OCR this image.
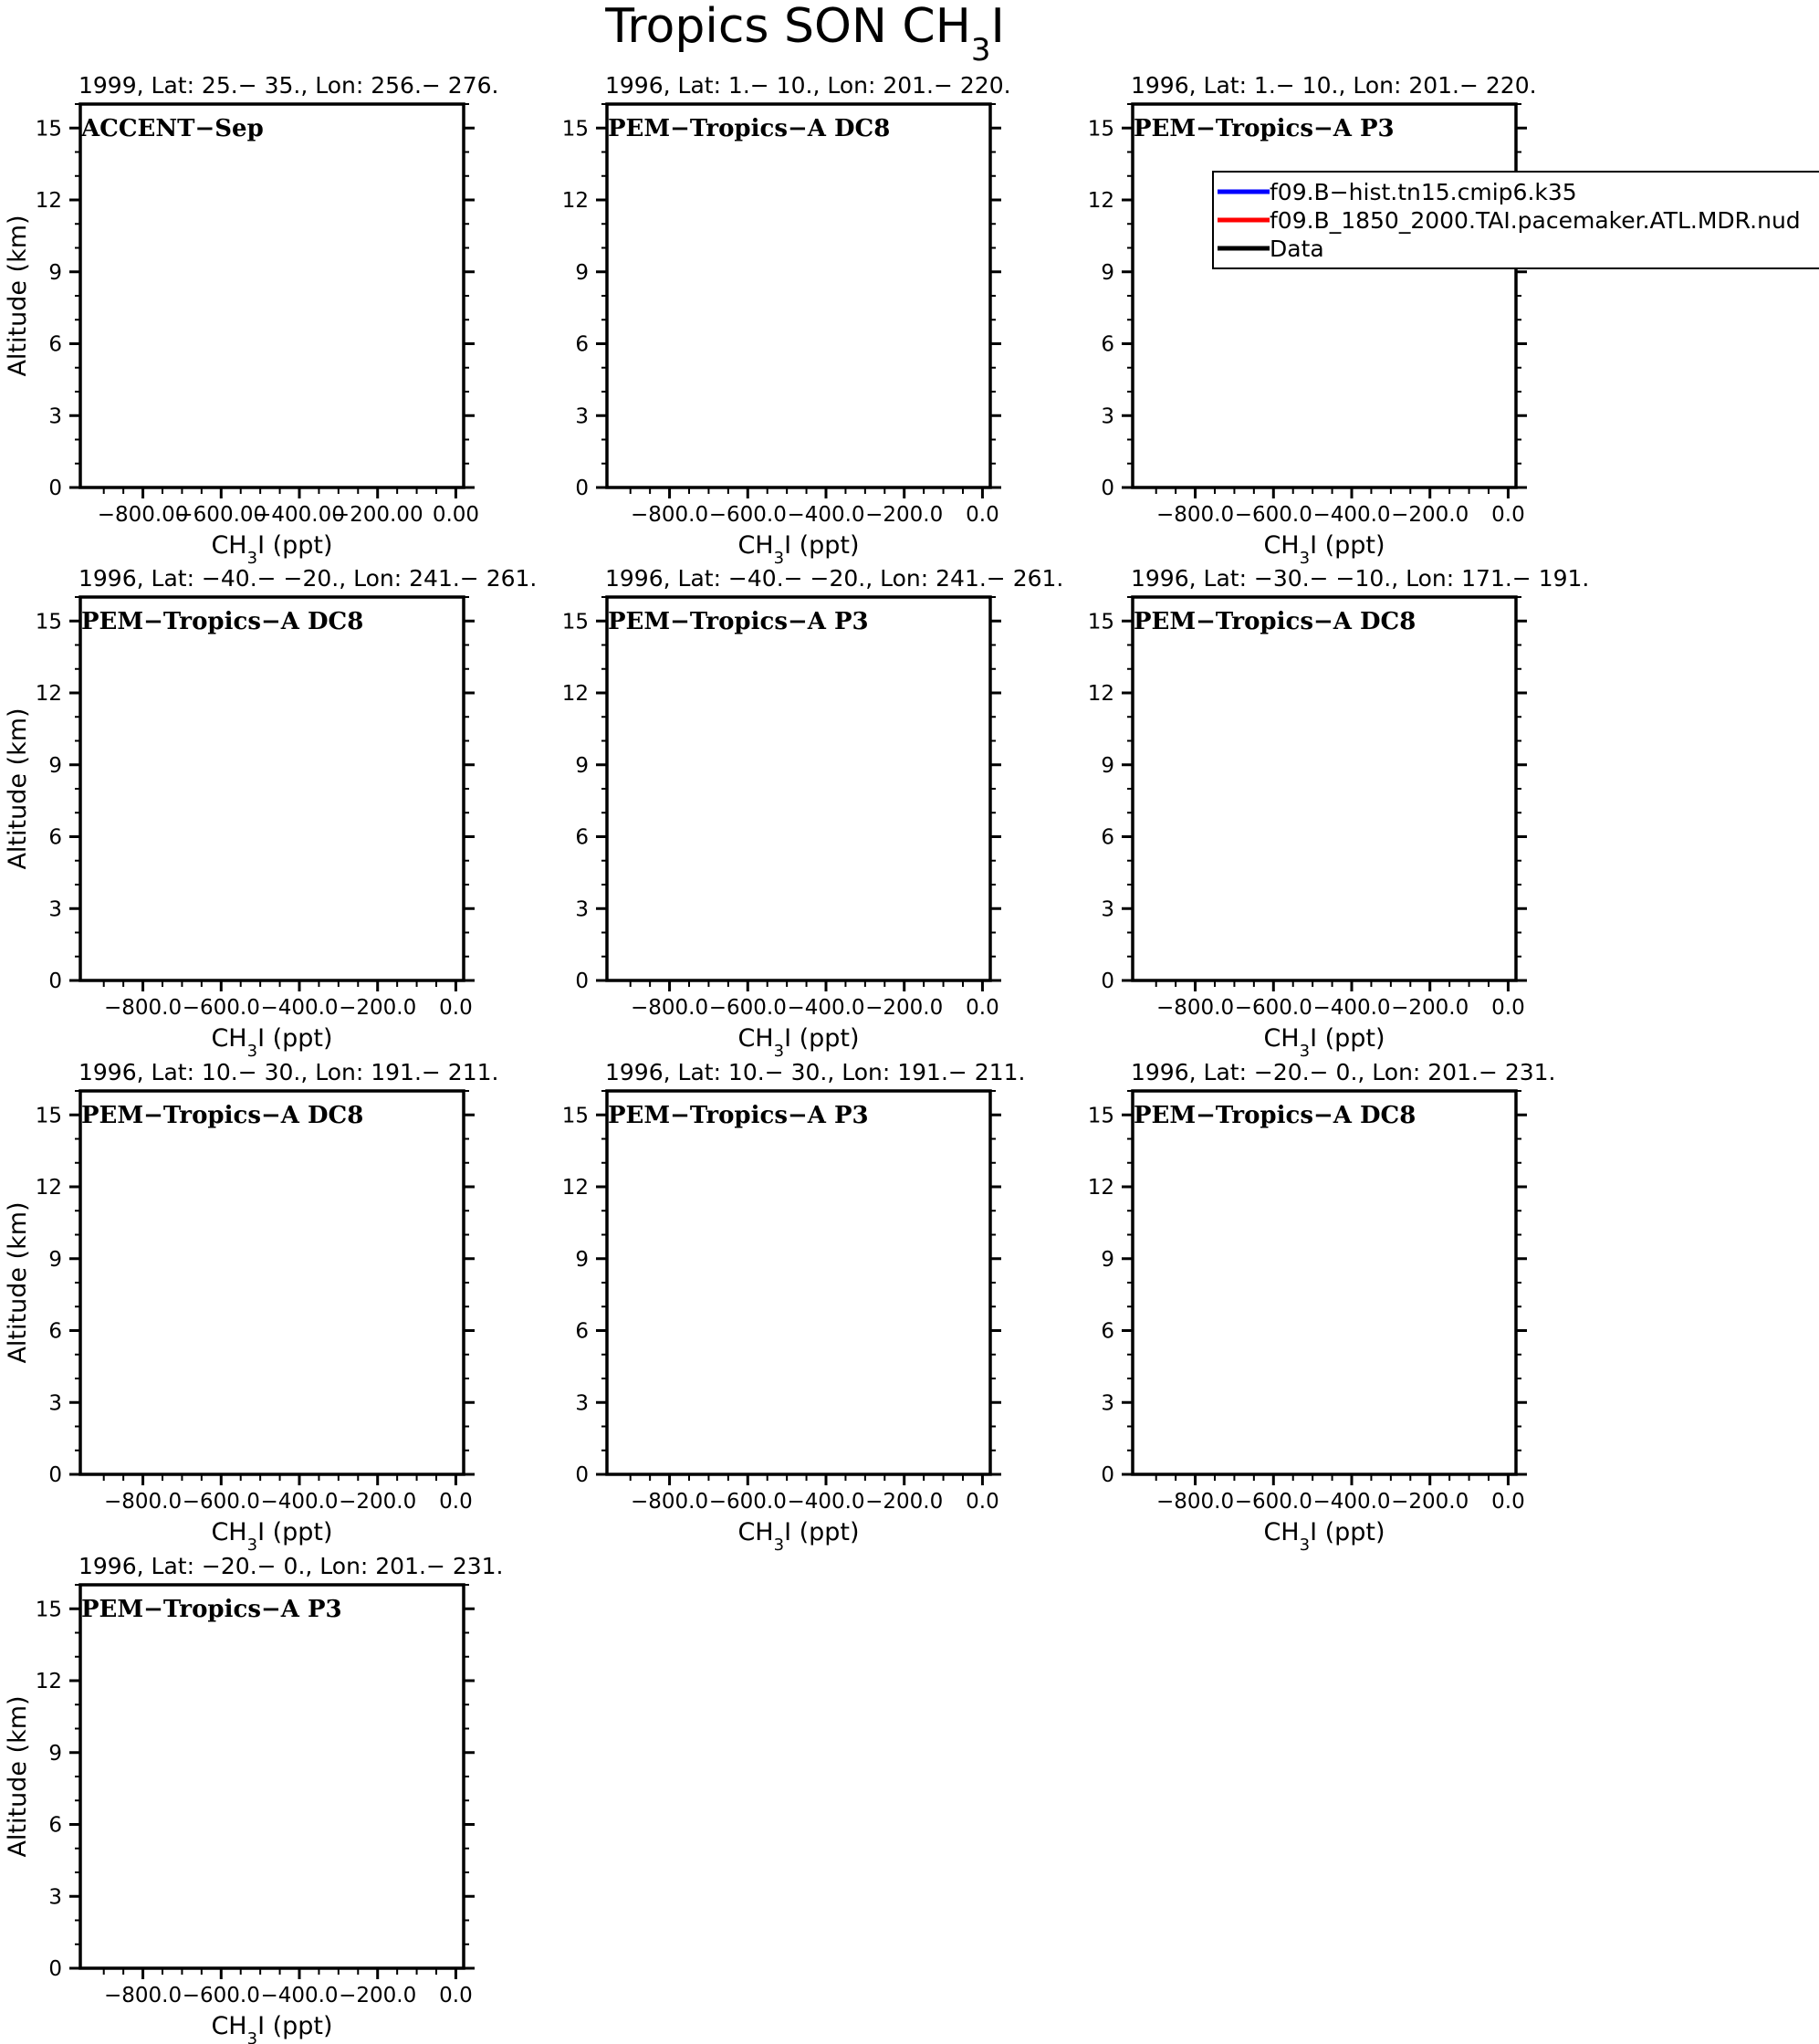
Tropics SON $CH_3I$
1999, Lat: 25.− 35., Lon: 256.− 276.
0
3
6
9
12
15
−800.00
−600.00
−400.00
−200.00 0.00
$CH_3I$ (ppt)
Altitude (km)
ACCENT−Sep
1996, Lat: 1.− 10., Lon: 201.− 220.
0
3
6
9
12
15
−800.0 −600.0 −400.0 −200.0 0.0
$CH_3I$ (ppt)
PEM−Tropics−A DC8
1996, Lat: 1.− 10., Lon: 201.− 220.
0
3
6
9
12
15
−800.0 −600.0 −400.0 −200.0 0.0
$CH_3I$ (ppt)
PEM−Tropics−A P3
1996, Lat: −40.− −20., Lon: 241.− 261.
0
3
6
9
12
15
−800.0 −600.0 −400.0 −200.0 0.0
$CH_3I$ (ppt)
Altitude (km)
PEM−Tropics−A DC8
1996, Lat: −40.− −20., Lon: 241.− 261.
0
3
6
9
12
15
−800.0 −600.0 −400.0 −200.0 0.0
$CH_3I$ (ppt)
PEM−Tropics−A P3
1996, Lat: −30.− −10., Lon: 171.− 191.
0
3
6
9
12
15
−800.0 −600.0 −400.0 −200.0 0.0
$CH_3I$ (ppt)
PEM−Tropics−A DC8
1996, Lat: 10.− 30., Lon: 191.− 211.
0
3
6
9
12
15
−800.0 −600.0 −400.0 −200.0 0.0
$CH_3I$ (ppt)
Altitude (km)
PEM−Tropics−A DC8
1996, Lat: 10.− 30., Lon: 191.− 211.
0
3
6
9
12
15
−800.0 −600.0 −400.0 −200.0 0.0
$CH_3I$ (ppt)
PEM−Tropics−A P3
1996, Lat: −20.− 0., Lon: 201.− 231.
0
3
6
9
12
15
−800.0 −600.0 −400.0 −200.0 0.0
$CH_3I$ (ppt)
PEM−Tropics−A DC8
1996, Lat: −20.− 0., Lon: 201.− 231.
0
3
6
9
12
15
−800.0 −600.0 −400.0 −200.0 0.0
$CH_3I$ (ppt)
Altitude (km)
PEM−Tropics−A P3
f09.B−hist.tn15.cmip6.k35
f09.B_1850_2000.TAI.pacemaker.ATL.MDR.nud
Data
